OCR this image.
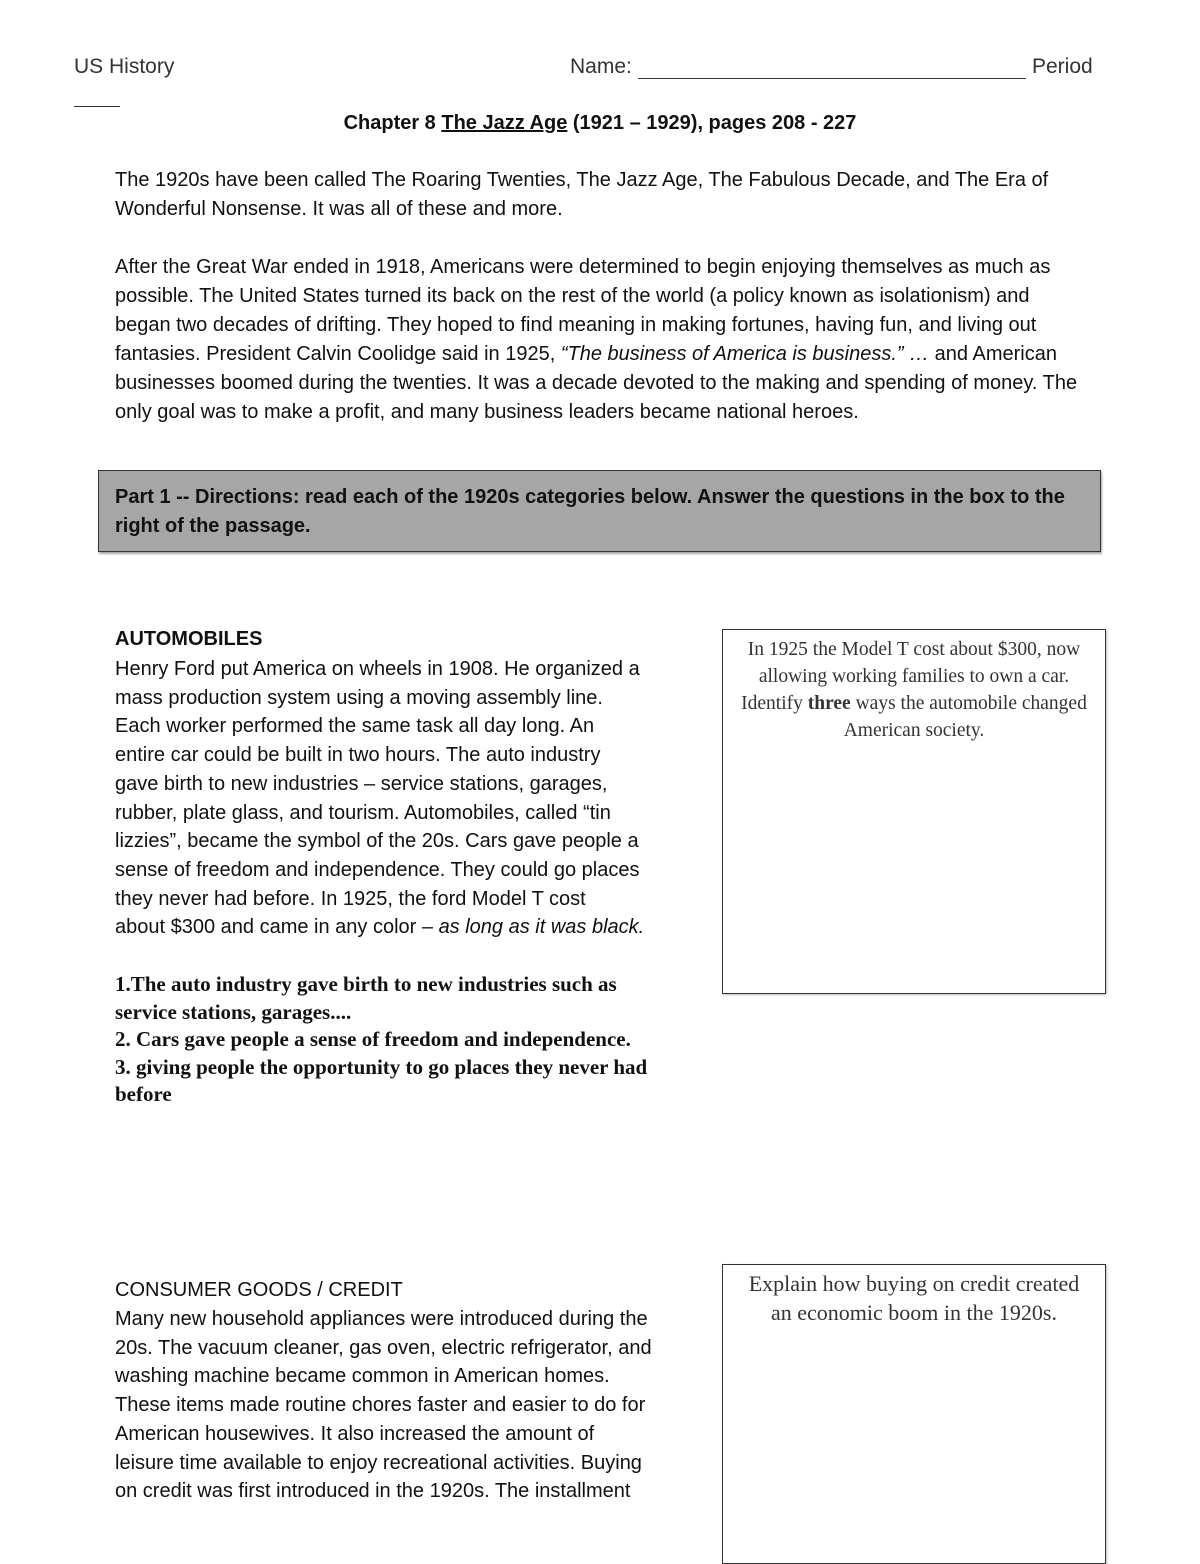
US History	Name:	Period
Chapter 8 The Jazz Age (1921 – 1929), pages 208 - 227
The 1920s have been called The Roaring Twenties, The Jazz Age, The Fabulous Decade, and The Era of Wonderful Nonsense. It was all of these and more.
After the Great War ended in 1918, Americans were determined to begin enjoying themselves as much as possible. The United States turned its back on the rest of the world (a policy known as isolationism) and began two decades of drifting. They hoped to find meaning in making fortunes, having fun, and living out fantasies. President Calvin Coolidge said in 1925, “The business of America is business.” … and American businesses boomed during the twenties. It was a decade devoted to the making and spending of money. The only goal was to make a profit, and many business leaders became national heroes.
Part 1 -- Directions: read each of the 1920s categories below. Answer the questions in the box to the right of the passage.
AUTOMOBILES
Henry Ford put America on wheels in 1908. He organized a
mass production system using a moving assembly line.
Each worker performed the same task all day long. An
entire car could be built in two hours. The auto industry
gave birth to new industries – service stations, garages,
rubber, plate glass, and tourism. Automobiles, called “tin
lizzies”, became the symbol of the 20s. Cars gave people a
sense of freedom and independence. They could go places
they never had before. In 1925, the ford Model T cost
about $300 and came in any color – as long as it was black.
In 1925 the Model T cost about $300, now allowing working families to own a car. Identify three ways the automobile changed American society.
1.The auto industry gave birth to new industries such as service stations, garages....
2. Cars gave people a sense of freedom and independence.
3. giving people the opportunity to go places they never had before
CONSUMER GOODS / CREDIT
Many new household appliances were introduced during the
20s. The vacuum cleaner, gas oven, electric refrigerator, and
washing machine became common in American homes.
These items made routine chores faster and easier to do for
American housewives. It also increased the amount of
leisure time available to enjoy recreational activities. Buying
on credit was first introduced in the 1920s. The installment
Explain how buying on credit created an economic boom in the 1920s.
